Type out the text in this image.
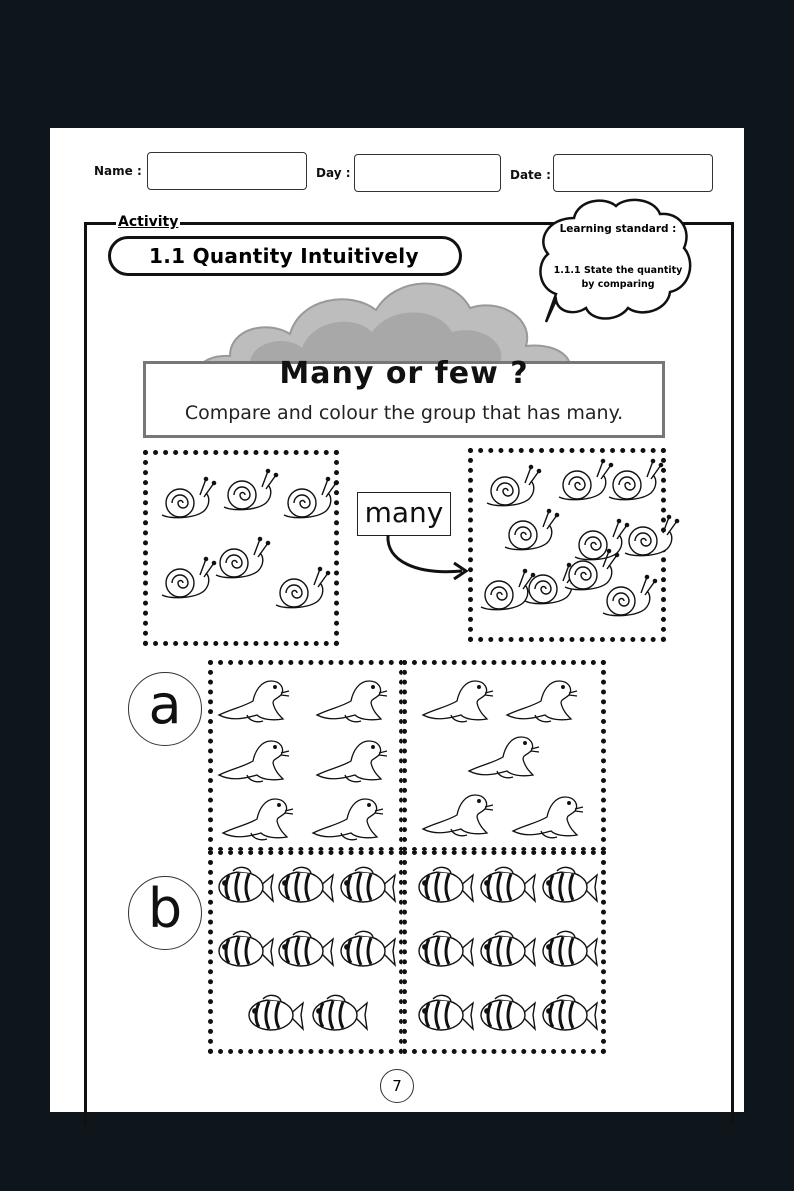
Name :	Day :	Date :
Activity
1.1 Quantity Intuitively
Learning standard :
1.1.1 State the quantity by comparing
Many or few ?
Compare and colour the group that has many.
many
a
b
7
